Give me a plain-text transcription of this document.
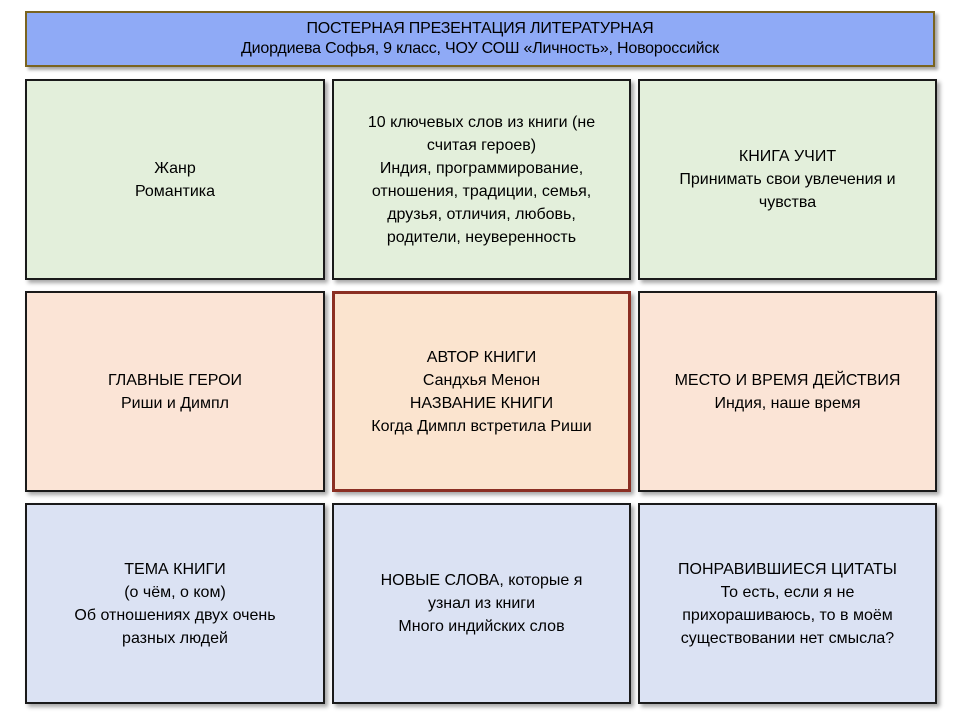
ПОСТЕРНАЯ ПРЕЗЕНТАЦИЯ ЛИТЕРАТУРНАЯ
Диордиева Софья, 9 класс, ЧОУ СОШ «Личность», Новороссийск
Жанр
Романтика
10 ключевых слов из книги (не
считая героев)
Индия, программирование,
отношения, традиции, семья,
друзья, отличия, любовь,
родители, неуверенность
КНИГА УЧИТ
Принимать свои увлечения и
чувства
ГЛАВНЫЕ ГЕРОИ
Риши и Димпл
АВТОР КНИГИ
Сандхья Менон
НАЗВАНИЕ КНИГИ
Когда Димпл встретила Риши
МЕСТО И ВРЕМЯ ДЕЙСТВИЯ
Индия, наше время
ТЕМА КНИГИ
(о чём, о ком)
Об отношениях двух очень
разных людей
НОВЫЕ СЛОВА, которые я
узнал из книги
Много индийских слов
ПОНРАВИВШИЕСЯ ЦИТАТЫ
То есть, если я не
прихорашиваюсь, то в моём
существовании нет смысла?
